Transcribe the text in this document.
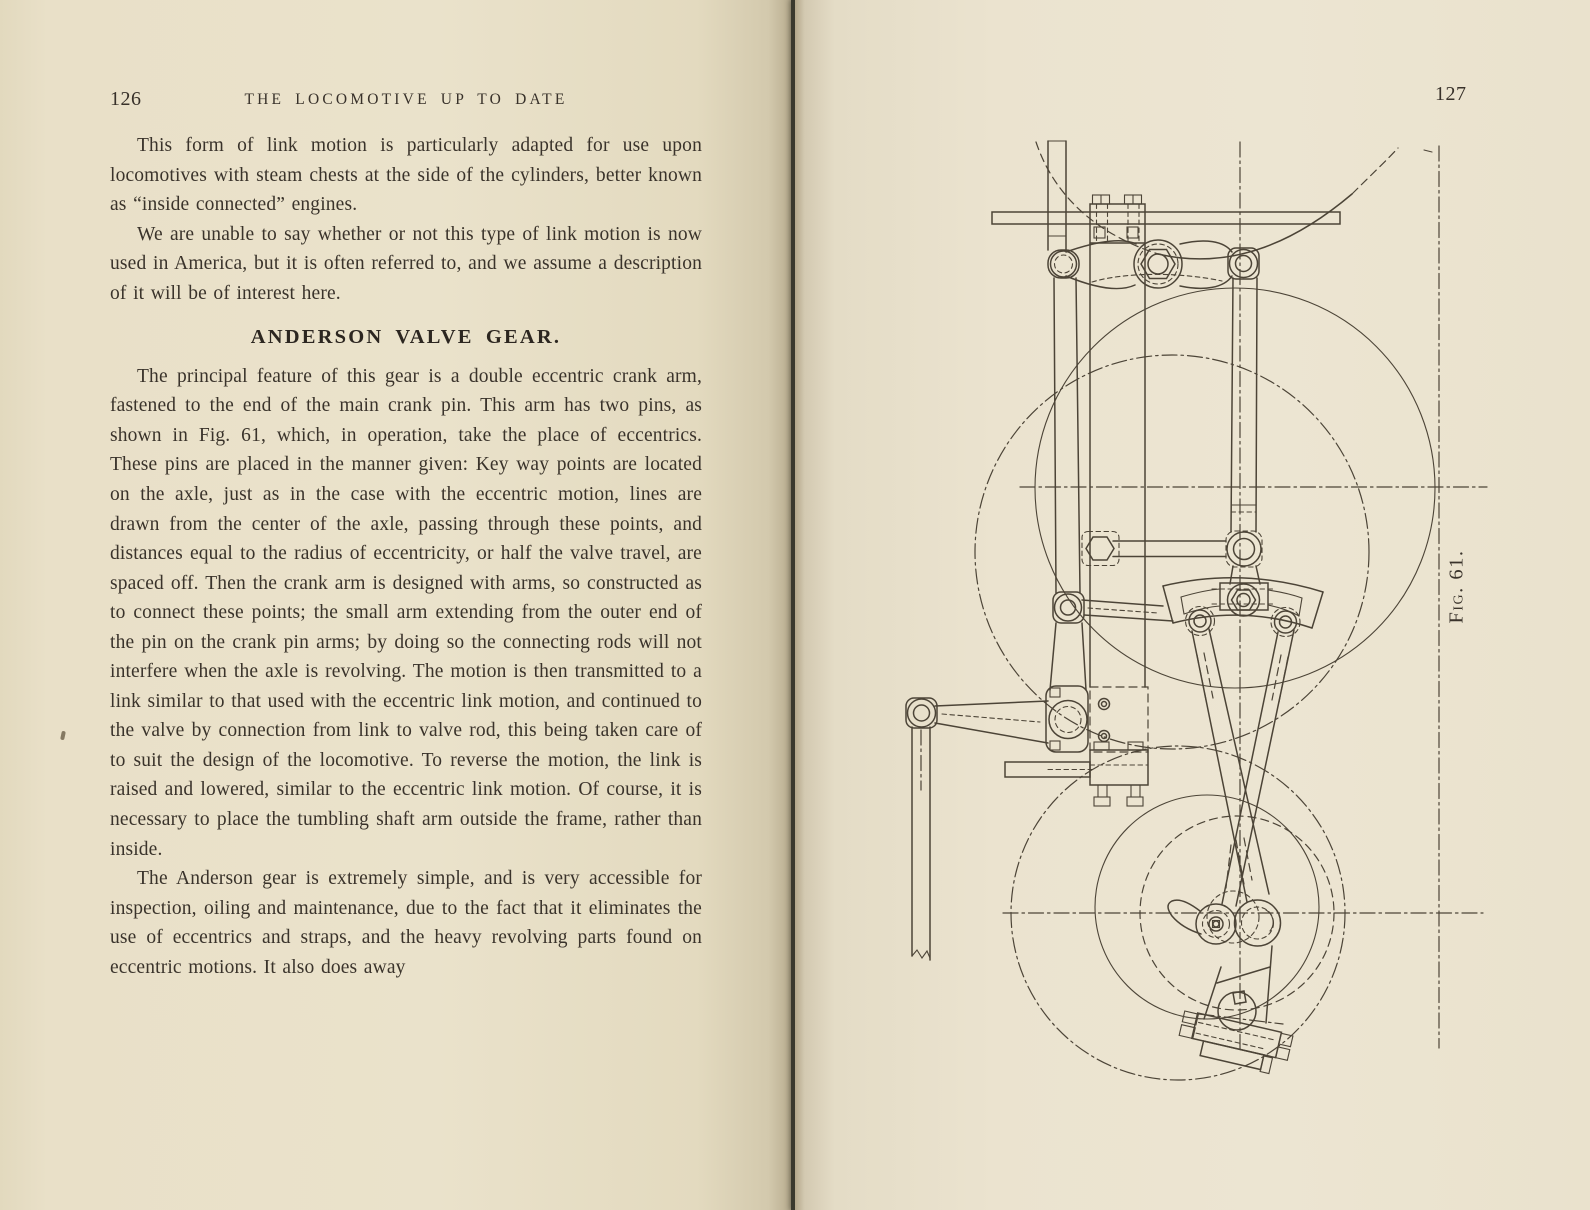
126	THE LOCOMOTIVE UP TO DATE

This form of link motion is particularly adapted for use upon locomotives with steam chests at the side of the cylinders, better known as “inside connected” engines.

We are unable to say whether or not this type of link motion is now used in America, but it is often referred to, and we assume a description of it will be of interest here.

ANDERSON VALVE GEAR.

The principal feature of this gear is a double eccentric crank arm, fastened to the end of the main crank pin. This arm has two pins, as shown in Fig. 61, which, in operation, take the place of eccentrics. These pins are placed in the manner given: Key way points are located on the axle, just as in the case with the eccentric motion, lines are drawn from the center of the axle, passing through these points, and distances equal to the radius of eccentricity, or half the valve travel, are spaced off. Then the crank arm is designed with arms, so constructed as to connect these points; the small arm extending from the outer end of the pin on the crank pin arms; by doing so the connecting rods will not interfere when the axle is revolving. The motion is then transmitted to a link similar to that used with the eccentric link motion, and continued to the valve by connection from link to valve rod, this being taken care of to suit the design of the locomotive. To reverse the motion, the link is raised and lowered, similar to the eccentric link motion. Of course, it is necessary to place the tumbling shaft arm outside the frame, rather than inside.

The Anderson gear is extremely simple, and is very accessible for inspection, oiling and maintenance, due to the fact that it eliminates the use of eccentrics and straps, and the heavy revolving parts found on eccentric motions. It also does away

127
Fig. 61.
